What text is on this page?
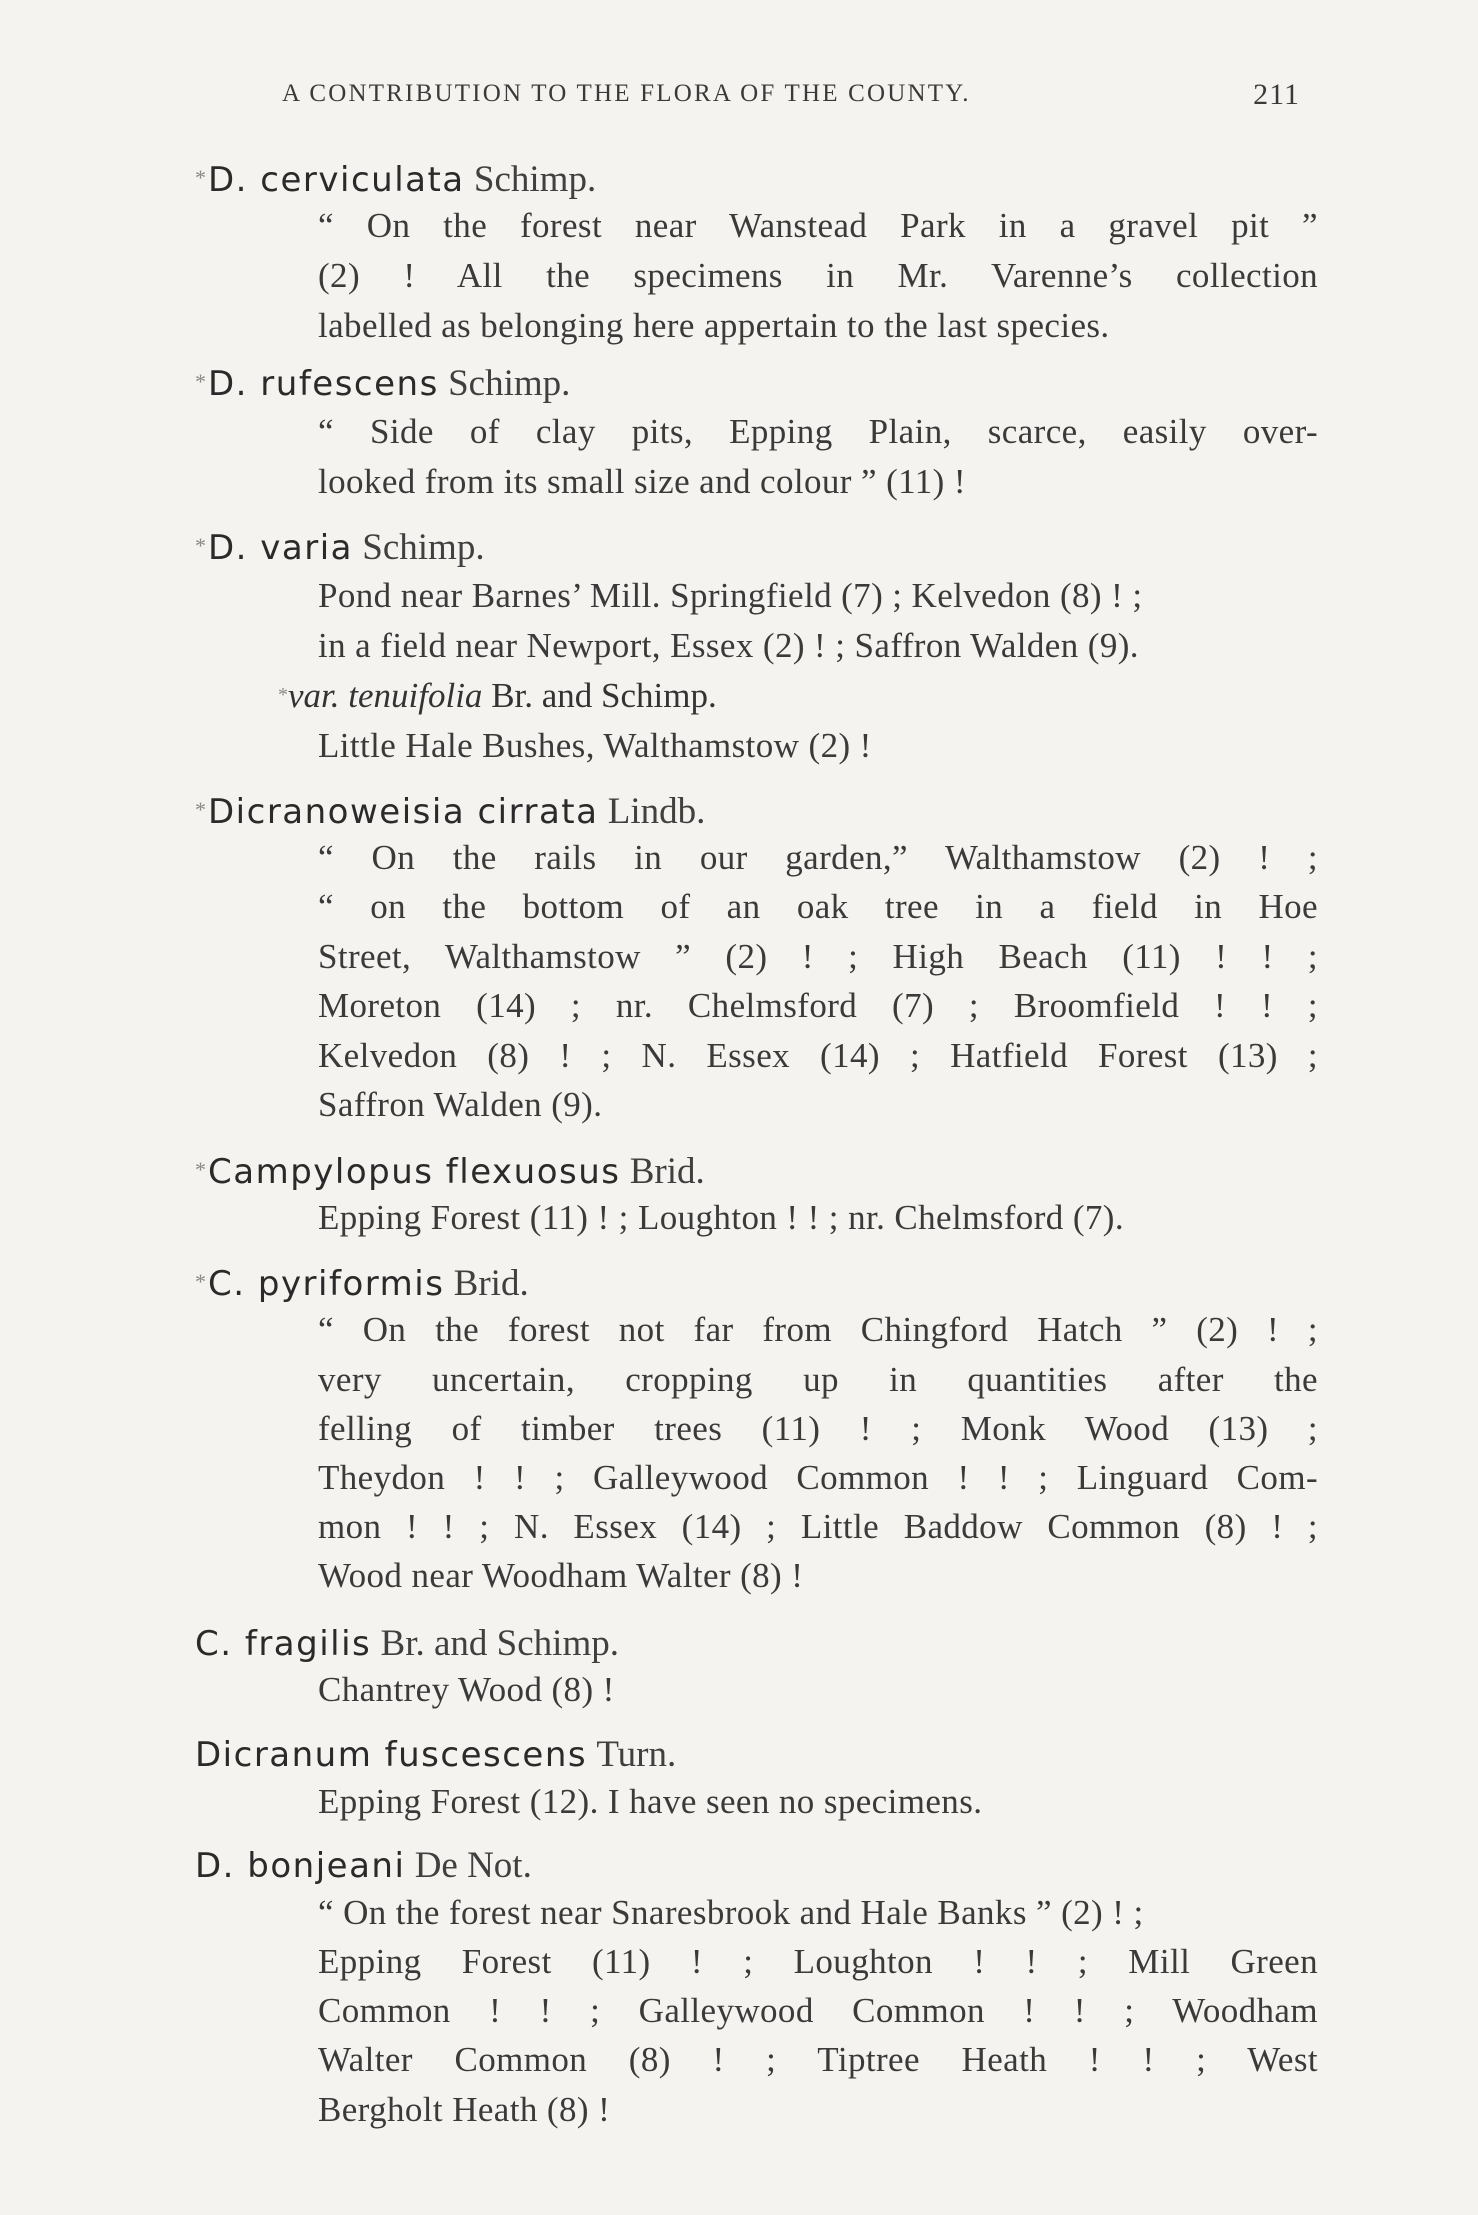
A CONTRIBUTION TO THE FLORA OF THE COUNTY.	211
*D. cerviculata Schimp.
“ On the forest near Wanstead Park in a gravel pit ”
(2) ! All the specimens in Mr. Varenne’s collection
labelled as belonging here appertain to the last species.
*D. rufescens Schimp.
“ Side of clay pits, Epping Plain, scarce, easily over-
looked from its small size and colour ” (11) !
*D. varia Schimp.
Pond near Barnes’ Mill. Springfield (7) ; Kelvedon (8) ! ;
in a field near Newport, Essex (2) ! ; Saffron Walden (9).
*var. tenuifolia Br. and Schimp.
Little Hale Bushes, Walthamstow (2) !
*Dicranoweisia cirrata Lindb.
“ On the rails in our garden,” Walthamstow (2) ! ;
“ on the bottom of an oak tree in a field in Hoe
Street, Walthamstow ” (2) ! ; High Beach (11) ! ! ;
Moreton (14) ; nr. Chelmsford (7) ; Broomfield ! ! ;
Kelvedon (8) ! ; N. Essex (14) ; Hatfield Forest (13) ;
Saffron Walden (9).
*Campylopus flexuosus Brid.
Epping Forest (11) ! ; Loughton ! ! ; nr. Chelmsford (7).
*C. pyriformis Brid.
“ On the forest not far from Chingford Hatch ” (2) ! ;
very uncertain, cropping up in quantities after the
felling of timber trees (11) ! ; Monk Wood (13) ;
Theydon ! ! ; Galleywood Common ! ! ; Linguard Com-
mon ! ! ; N. Essex (14) ; Little Baddow Common (8) ! ;
Wood near Woodham Walter (8) !
C. fragilis Br. and Schimp.
Chantrey Wood (8) !
Dicranum fuscescens Turn.
Epping Forest (12). I have seen no specimens.
D. bonjeani De Not.
“ On the forest near Snaresbrook and Hale Banks ” (2) ! ;
Epping Forest (11) ! ; Loughton ! ! ; Mill Green
Common ! ! ; Galleywood Common ! ! ; Woodham
Walter Common (8) ! ; Tiptree Heath ! ! ; West
Bergholt Heath (8) !
